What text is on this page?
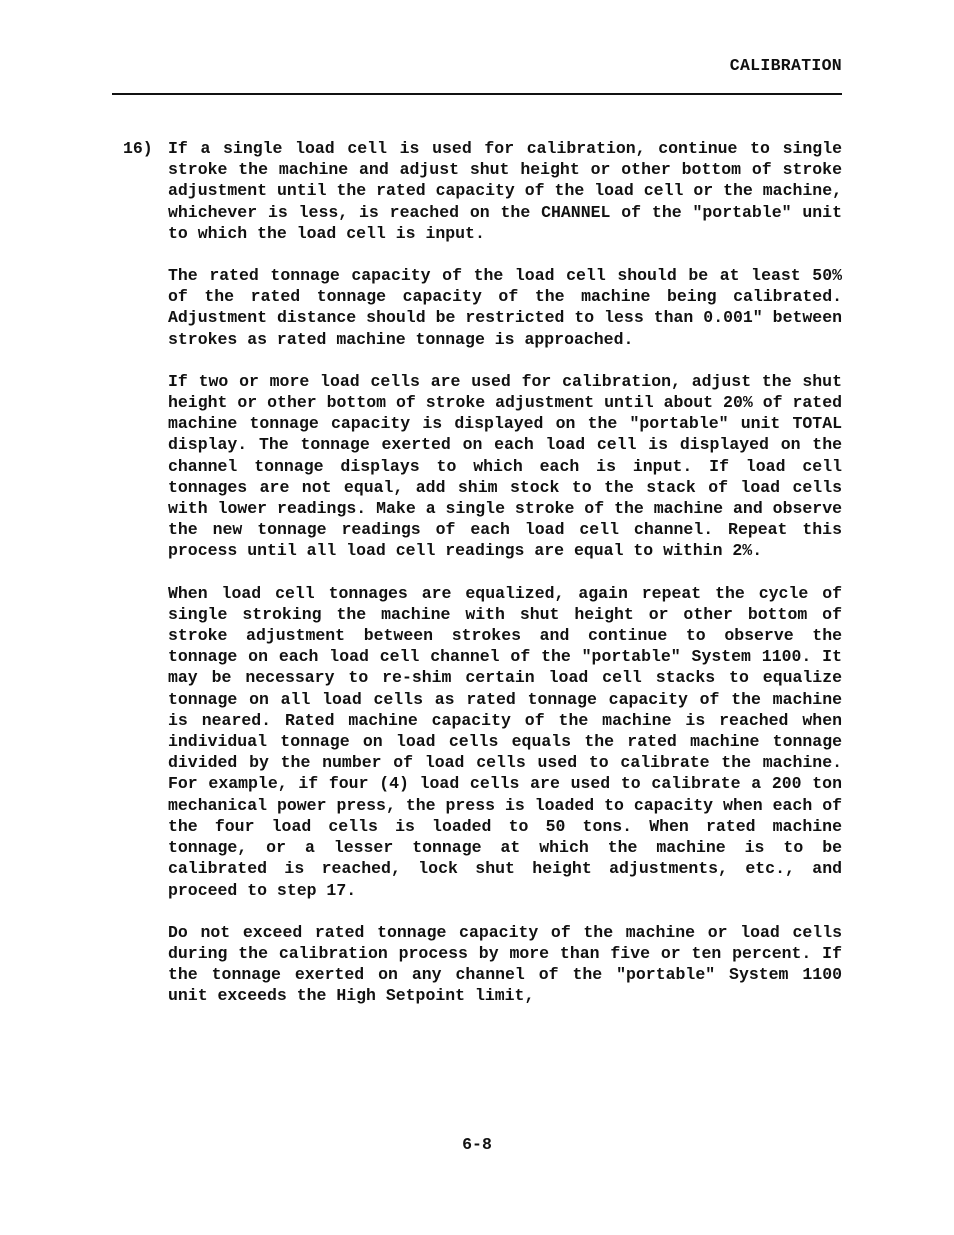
CALIBRATION
16) If a single load cell is used for calibration, continue to single stroke the machine and adjust shut height or other bottom of stroke adjustment until the rated capacity of the load cell or the machine, whichever is less, is reached on the CHANNEL of the "portable" unit to which the load cell is input.

The rated tonnage capacity of the load cell should be at least 50% of the rated tonnage capacity of the machine being calibrated. Adjustment distance should be restricted to less than 0.001" between strokes as rated machine tonnage is approached.

If two or more load cells are used for calibration, adjust the shut height or other bottom of stroke adjustment until about 20% of rated machine tonnage capacity is displayed on the "portable" unit TOTAL display. The tonnage exerted on each load cell is displayed on the channel tonnage displays to which each is input. If load cell tonnages are not equal, add shim stock to the stack of load cells with lower readings. Make a single stroke of the machine and observe the new tonnage readings of each load cell channel. Repeat this process until all load cell readings are equal to within 2%.

When load cell tonnages are equalized, again repeat the cycle of single stroking the machine with shut height or other bottom of stroke adjustment between strokes and continue to observe the tonnage on each load cell channel of the "portable" System 1100. It may be necessary to re-shim certain load cell stacks to equalize tonnage on all load cells as rated tonnage capacity of the machine is neared. Rated machine capacity of the machine is reached when individual tonnage on load cells equals the rated machine tonnage divided by the number of load cells used to calibrate the machine. For example, if four (4) load cells are used to calibrate a 200 ton mechanical power press, the press is loaded to capacity when each of the four load cells is loaded to 50 tons. When rated machine tonnage, or a lesser tonnage at which the machine is to be calibrated is reached, lock shut height adjustments, etc., and proceed to step 17.

Do not exceed rated tonnage capacity of the machine or load cells during the calibration process by more than five or ten percent. If the tonnage exerted on any channel of the "portable" System 1100 unit exceeds the High Setpoint limit,

6-8
